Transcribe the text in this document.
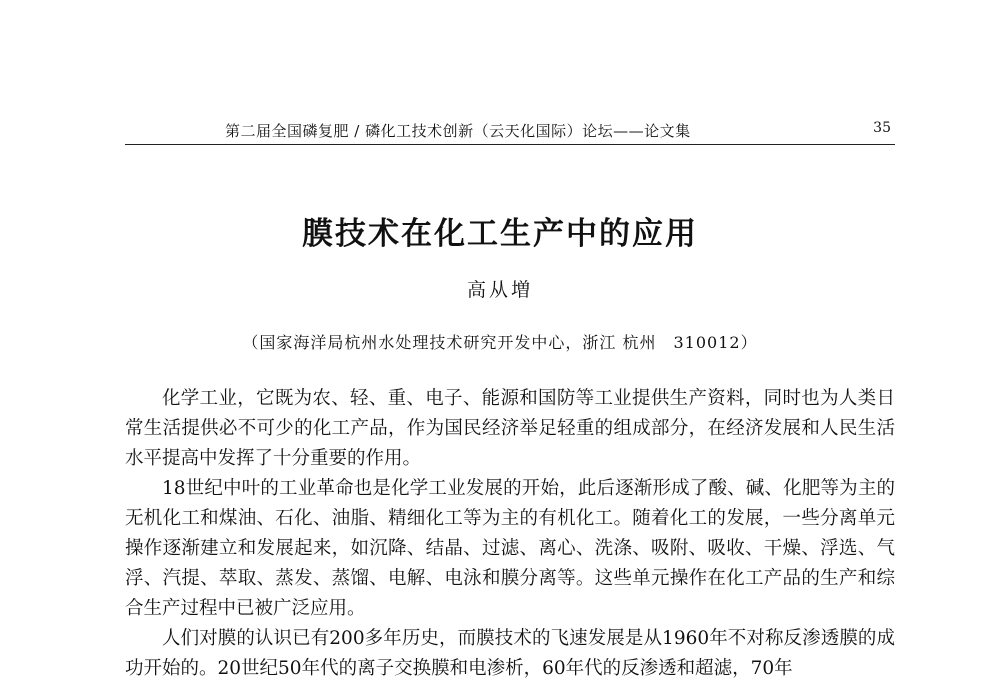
第二届全国磷复肥 / 磷化工技术创新（云天化国际）论坛——论文集	35
膜技术在化工生产中的应用
高从増
（国家海洋局杭州水处理技术研究开发中心，浙江 杭州　310012）

化学工业，它既为农、轻、重、电子、能源和国防等工业提供生产资料，同时也为人类日常生活提供必不可少的化工产品，作为国民经济举足轻重的组成部分，在经济发展和人民生活水平提高中发挥了十分重要的作用。

18世纪中叶的工业革命也是化学工业发展的开始，此后逐渐形成了酸、碱、化肥等为主的无机化工和煤油、石化、油脂、精细化工等为主的有机化工。随着化工的发展，一些分离单元操作逐渐建立和发展起来，如沉降、结晶、过滤、离心、洗涤、吸附、吸收、干燥、浮选、气浮、汽提、萃取、蒸发、蒸馏、电解、电泳和膜分离等。这些单元操作在化工产品的生产和综合生产过程中已被广泛应用。

人们对膜的认识已有200多年历史，而膜技术的飞速发展是从1960年不对称反渗透膜的成功开始的。20世纪50年代的离子交换膜和电渗析，60年代的反渗透和超滤，70年
